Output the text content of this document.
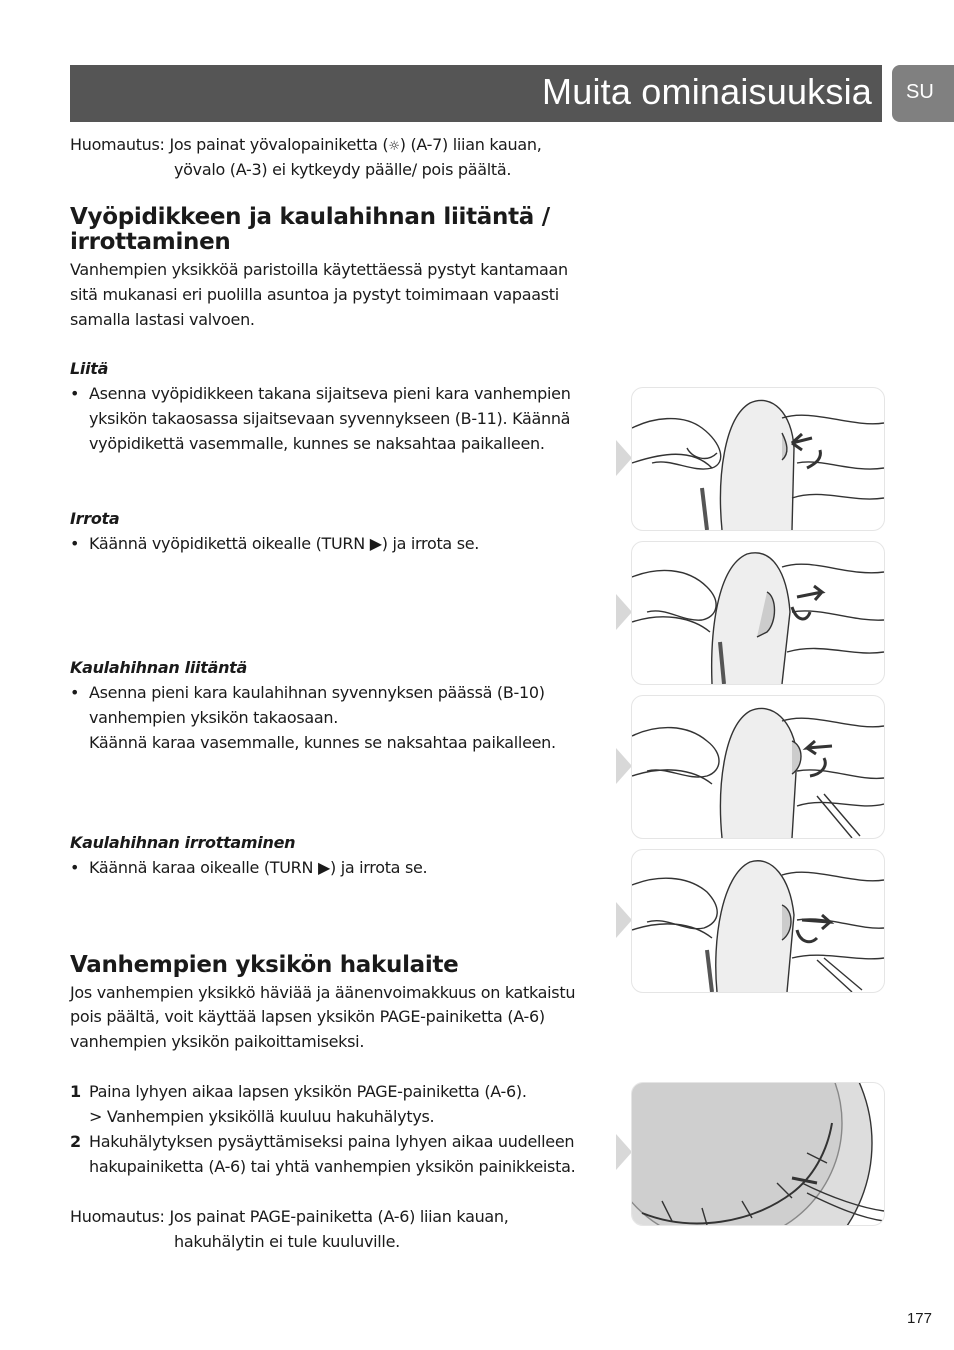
Muita ominaisuuksia SU

Huomautus: Jos painat yövalopainiketta (☼) (A-7) liian kauan,

yövalo (A-3) ei kytkeydy päälle/ pois päältä.

Vyöpidikkeen ja kaulahihnan liitäntä /

irrottaminen

Vanhempien yksikköä paristoilla käytettäessä pystyt kantamaan

sitä mukanasi eri puolilla asuntoa ja pystyt toimimaan vapaasti

samalla lastasi valvoen.

Liitä

• Asenna vyöpidikkeen takana sijaitseva pieni kara vanhempien

yksikön takaosassa sijaitsevaan syvennykseen (B-11). Käännä

vyöpidikettä vasemmalle, kunnes se naksahtaa paikalleen.

Irrota

• Käännä vyöpidikettä oikealle (TURN ▶) ja irrota se.

Kaulahihnan liitäntä

• Asenna pieni kara kaulahihnan syvennyksen päässä (B-10)

vanhempien yksikön takaosaan.

Käännä karaa vasemmalle, kunnes se naksahtaa paikalleen.

Kaulahihnan irrottaminen

• Käännä karaa oikealle (TURN ▶) ja irrota se.

Vanhempien yksikön hakulaite

Jos vanhempien yksikkö häviää ja äänenvoimakkuus on katkaistu

pois päältä, voit käyttää lapsen yksikön PAGE-painiketta (A-6)

vanhempien yksikön paikoittamiseksi.

1 Paina lyhyen aikaa lapsen yksikön PAGE-painiketta (A-6).

> Vanhempien yksiköllä kuuluu hakuhälytys.

2 Hakuhälytyksen pysäyttämiseksi paina lyhyen aikaa uudelleen

hakupainiketta (A-6) tai yhtä vanhempien yksikön painikkeista.

Huomautus: Jos painat PAGE-painiketta (A-6) liian kauan,

hakuhälytin ei tule kuuluville.

177
